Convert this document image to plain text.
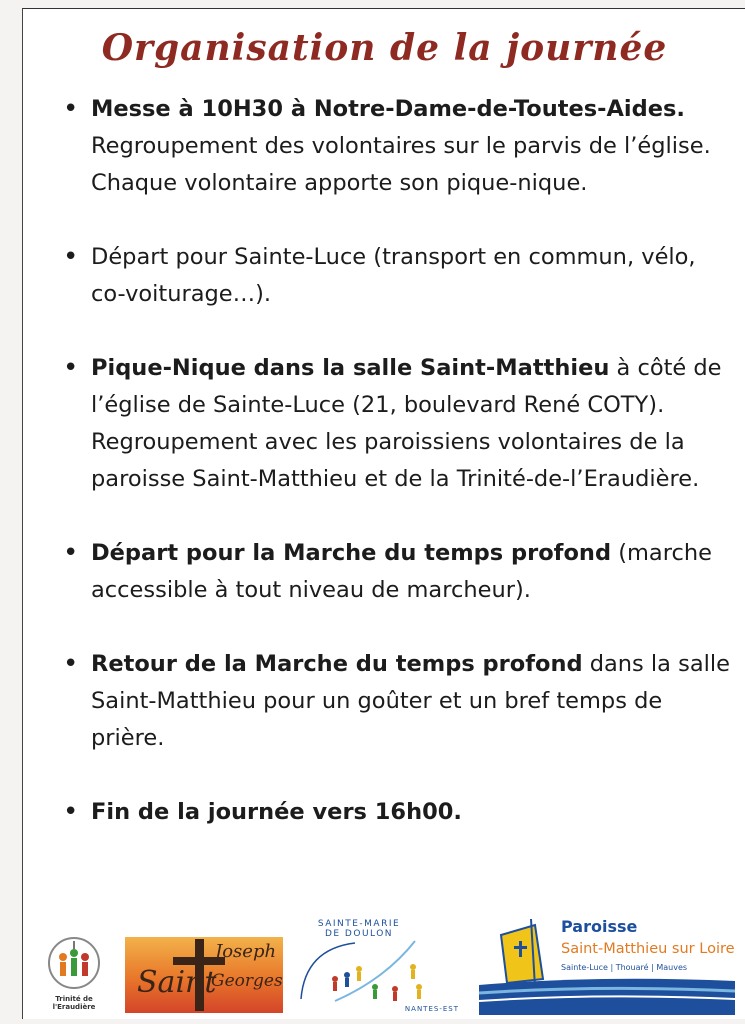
Organisation de la journée
• Messe à 10H30 à Notre-Dame-de-Toutes-Aides. Regroupement des volontaires sur le parvis de l’église. Chaque volontaire apporte son pique-nique.
• Départ pour Sainte-Luce (transport en commun, vélo, co-voiturage…).
• Pique-Nique dans la salle Saint-Matthieu à côté de l’église de Sainte-Luce (21, boulevard René COTY). Regroupement avec les paroissiens volontaires de la paroisse Saint-Matthieu et de la Trinité-de-l’Eraudière.
• Départ pour la Marche du temps profond (marche accessible à tout niveau de marcheur).
• Retour de la Marche du temps profond dans la salle Saint-Matthieu pour un goûter et un bref temps de prière.
• Fin de la journée vers 16h00.
Trinité de
l'Eraudière
Saint
Joseph
Georges
SAINTE-MARIE
DE DOULON
NANTES-EST
Paroisse
Saint-Matthieu sur Loire
Sainte-Luce | Thouaré | Mauves
